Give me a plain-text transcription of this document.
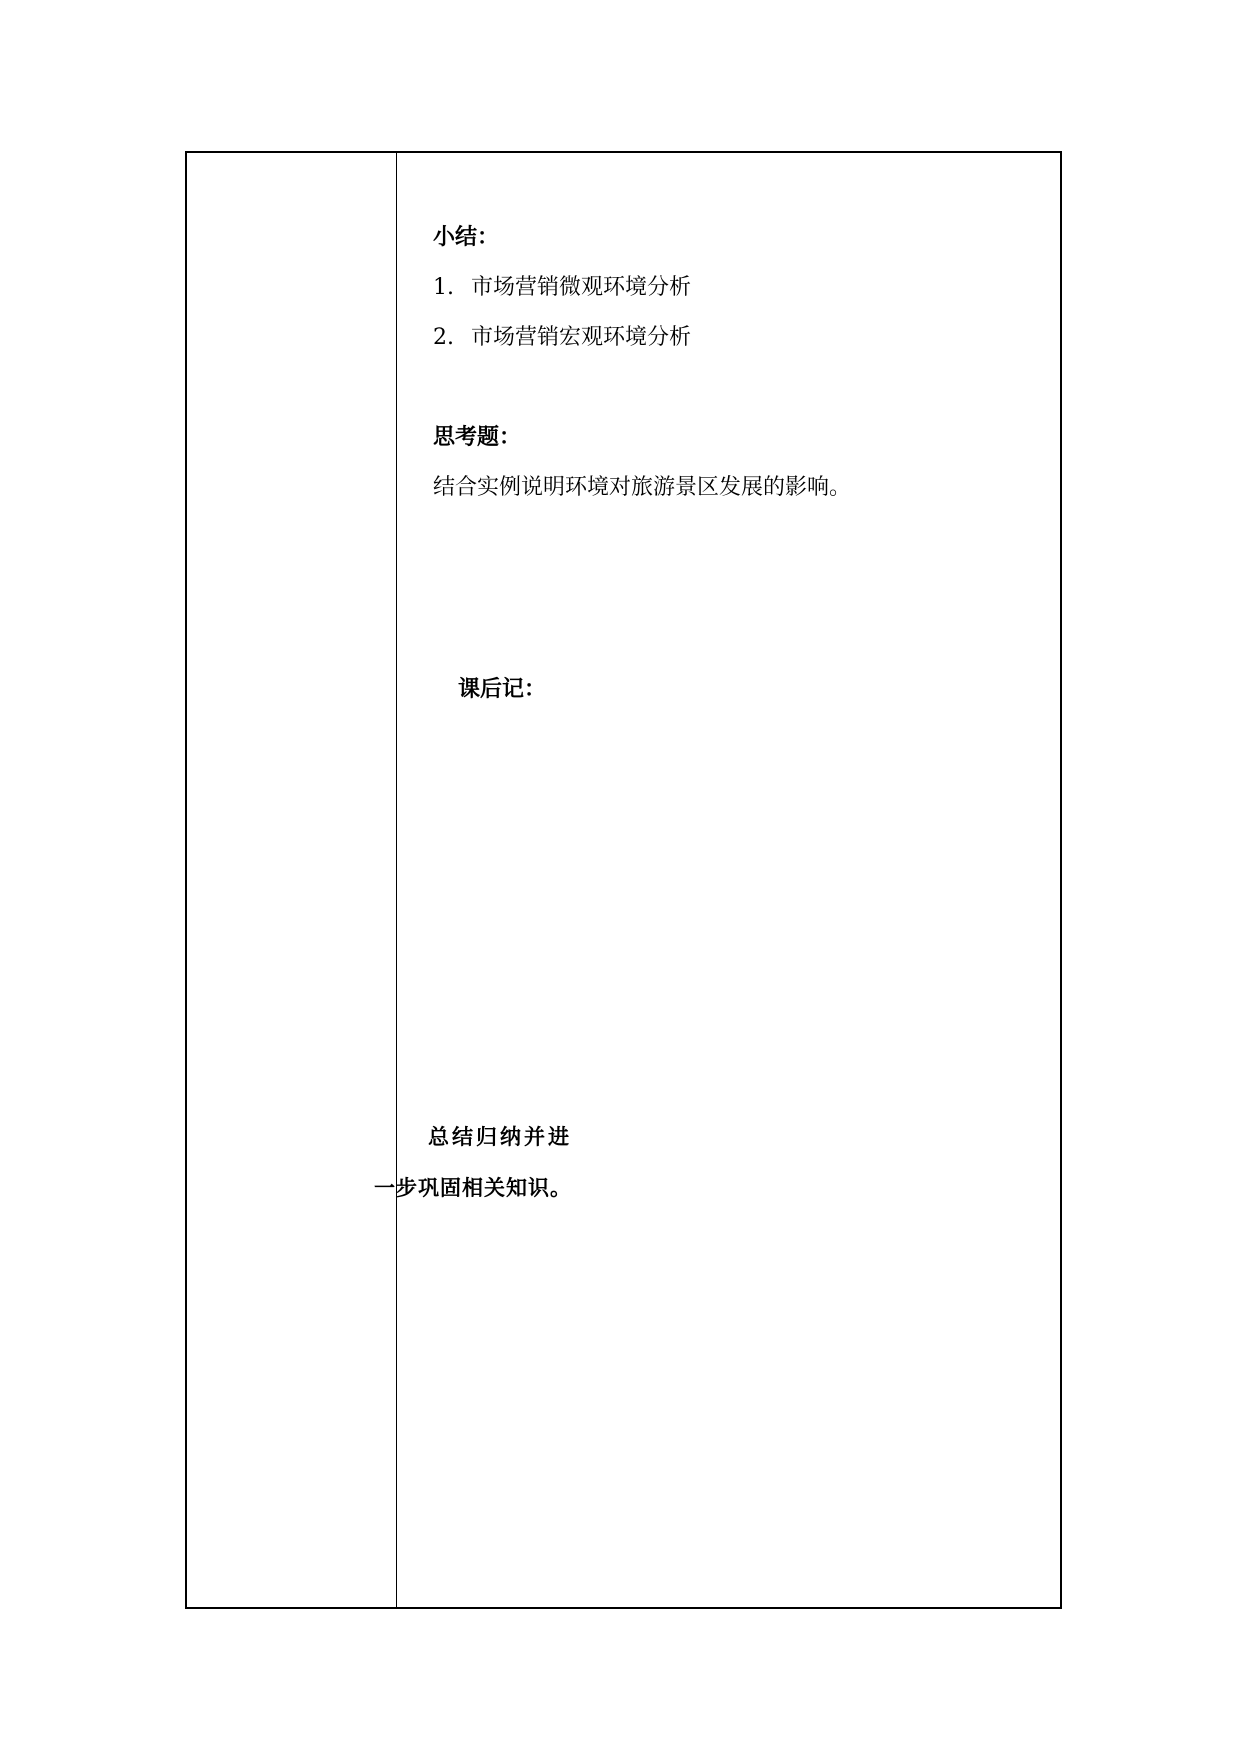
总结归纳并进
一步巩固相关知识。
小结：
1. 市场营销微观环境分析
2. 市场营销宏观环境分析
思考题：
结合实例说明环境对旅游景区发展的影响。
课后记：
